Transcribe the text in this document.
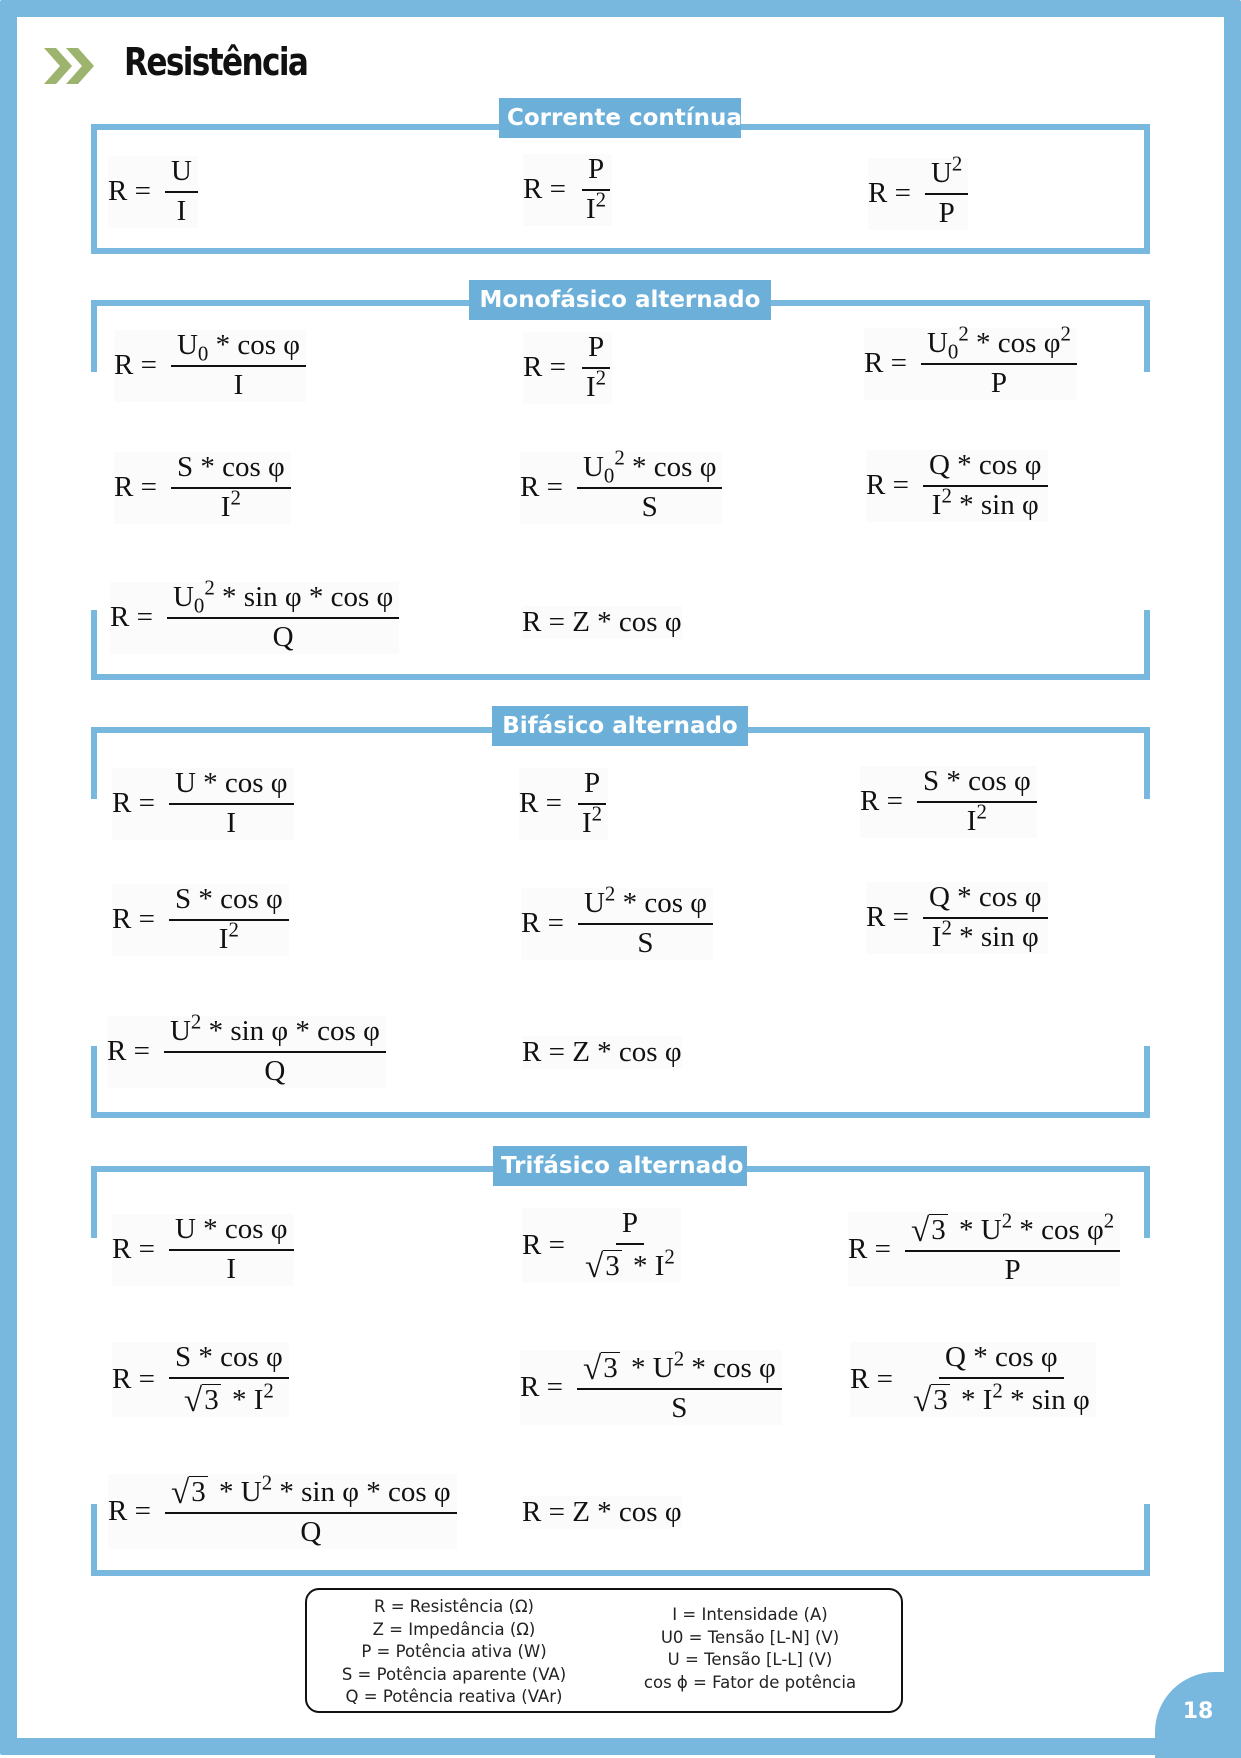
Resistência
Corrente contínua
$R = \frac{U}{I}$	$R = \frac{P}{I^2}$	$R = \frac{U^2}{P}$
Monofásico alternado
$R = \frac{U_0 * \cos \varphi}{I}$	$R = \frac{P}{I^2}$	$R = \frac{U_0^2 * \cos \varphi^2}{P}$
$R = \frac{\text{S * cos φ}}{I^2}$	$R = \frac{U_0^2 * \cos \varphi}{S}$	$R = \frac{\text{Q * cos φ}}{I^2 * \sin \varphi}$
$R = \frac{U_0^2 * \sin \varphi * \cos \varphi}{Q}$	R = Z * cos φ
Bifásico alternado
$R = \frac{\text{U * cos φ}}{I}$	$R = \frac{P}{I^2}$	$R = \frac{\text{S * cos φ}}{I^2}$
$R = \frac{\text{S * cos φ}}{I^2}$	$R = \frac{U^2 * \cos \varphi}{S}$	$R = \frac{\text{Q * cos φ}}{I^2 * \sin \varphi}$
$R = \frac{U^2 * \sin \varphi * \cos \varphi}{Q}$	R = Z * cos φ
Trifásico alternado
$R = \frac{\text{U * cos φ}}{I}$	$R = \frac{P}{√ 3 * I^2}$	$R = \frac{√ 3 * U^2 * \cos \varphi^2}{P}$
$R = \frac{\text{S * cos φ}}{√ 3 * I^2}$	$R = \frac{√ 3 * U^2 * \cos \varphi}{S}$ $R = \frac{\text{Q * cos φ}}{√ 3 * I^2 * \sin \varphi}$
$R = \frac{√ 3 * U^2 * \sin \varphi * \cos \varphi}{Q}$ R = Z * cos φ
R = Resistência (Ω)
Z = Impedância (Ω)
P = Potência ativa (W)
S = Potência aparente (VA)
Q = Potência reativa (VAr)
I = Intensidade (A)
U0 = Tensão [L-N] (V)
U = Tensão [L-L] (V)
cos ϕ = Fator de potência
18
